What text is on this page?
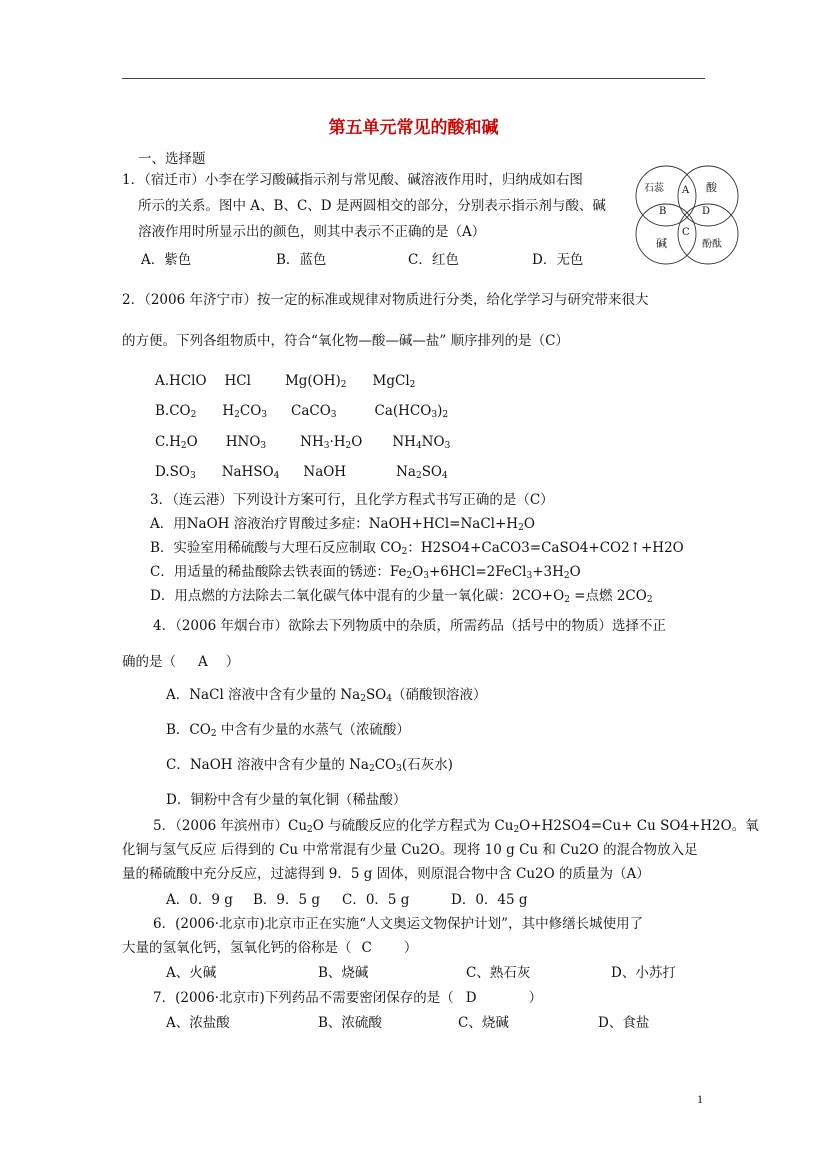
第五单元常见的酸和碱
一、选择题
1．（宿迁市）小李在学习酸碱指示剂与常见酸、碱溶液作用时，归纳成如右图
所示的关系。图中 A、B、C、D 是两圆相交的部分，分别表示指示剂与酸、碱
溶液作用时所显示出的颜色，则其中表示不正确的是（A）
A．紫色	B．蓝色	C．红色	D．无色
石蕊	酸
碱	酚酞
A
B
C
D
2．（2006 年济宁市）按一定的标准或规律对物质进行分类，给化学学习与研究带来很大
的方便。下列各组物质中，符合“氧化物—酸—碱—盐” 顺序排列的是（C）
A.HClO HCl	$Mg(OH)_2$ MgCl$_2$
$B.CO_2$ $H_2CO_3$ CaCO$_3$	$Ca(HCO_3)_2$
$C.H_2O$ $HNO_3$	$NH_3\cdot H_2O$ $NH_4NO_3$
$D.SO_3$ NaHSO$_4$ NaOH	$Na_2SO_4$
3．（连云港）下列设计方案可行，且化学方程式书写正确的是（C）
A．用NaOH 溶液治疗胃酸过多症：$NaOH+HCl=NaCl+H_2O$
B．实验室用稀硫酸与大理石反应制取 $CO_2$：H2SO4+CaCO3=CaSO4+CO2↑+H2O
C．用适量的稀盐酸除去铁表面的锈迹：$Fe_2O_3+6HCl=2FeCl_3+3H_2O$
D．用点燃的方法除去二氧化碳气体中混有的少量一氧化碳：$2CO+O_2$ =点燃 $2CO_2$
4．（2006 年烟台市）欲除去下列物质中的杂质，所需药品（括号中的物质）选择不正
确的是（ A ）
A．NaCl 溶液中含有少量的 $Na_2SO_4$（硝酸钡溶液）
B．$CO_2$ 中含有少量的水蒸气（浓硫酸）
C．NaOH 溶液中含有少量的 $Na_2CO_3$(石灰水)
D．铜粉中含有少量的氧化铜（稀盐酸）
5．（2006 年滨州市）$Cu_2O$ 与硫酸反应的化学方程式为 $Cu_2O+H2SO4=Cu+ Cu$ SO4+H2O。氧
化铜与氢气反应 后得到的 Cu 中常常混有少量 Cu2O。现将 10 g Cu 和 Cu2O 的混合物放入足
量的稀硫酸中充分反应，过滤得到 9．5 g 固体，则原混合物中含 Cu2O 的质量为（A）
A．0．9 g B．9．5 g C．0．5 g	D．0．45 g
6．(2006·北京市)北京市正在实施“人文奥运文物保护计划”，其中修缮长城使用了
大量的氢氧化钙，氢氧化钙的俗称是（ C ）
A、火碱	B、烧碱	C、熟石灰	D、小苏打
7．(2006·北京市)下列药品不需要密闭保存的是（ D	）
A、浓盐酸	B、浓硫酸	C、烧碱	D、食盐
1
